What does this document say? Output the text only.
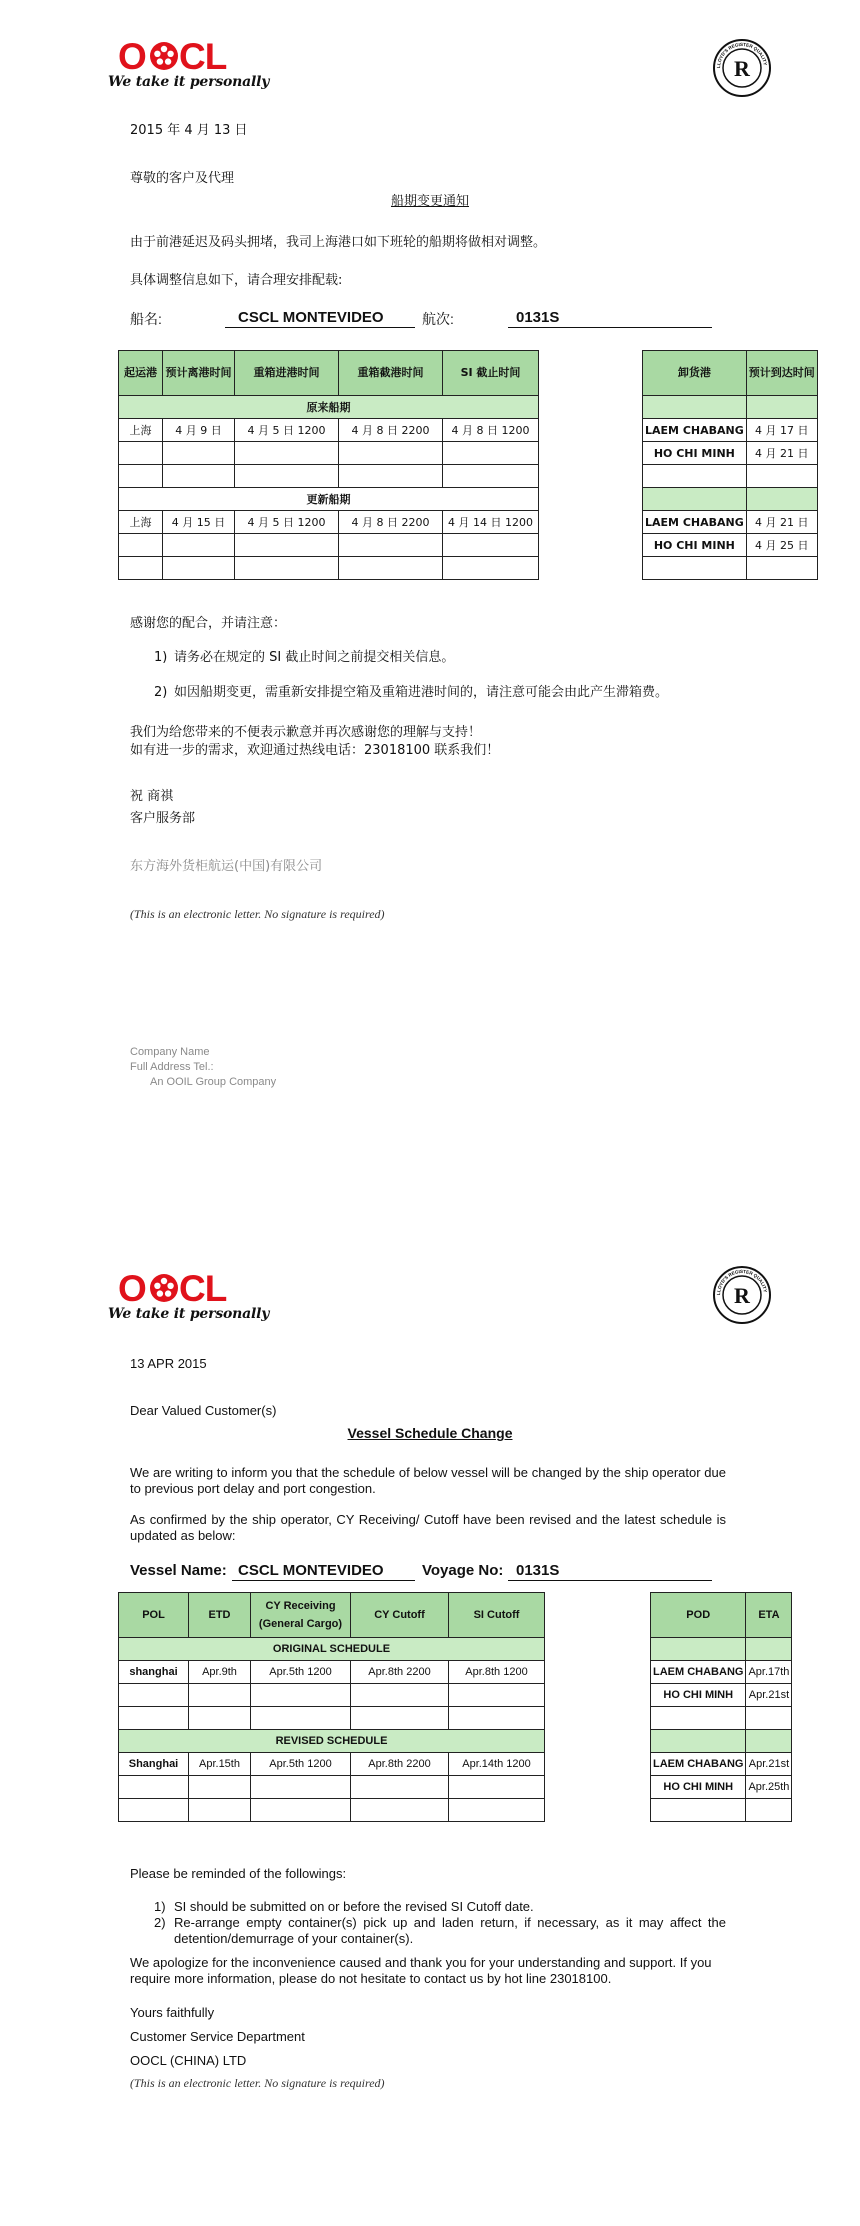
O CL
We take it personally
LLOYD'S REGISTER QUALITY
R
2015 年 4 月 13 日
尊敬的客户及代理
船期变更通知
由于前港延迟及码头拥堵，我司上海港口如下班轮的船期将做相对调整。
具体调整信息如下，请合理安排配载:
船名:	CSCL MONTEVIDEO	航次:	0131S
起运港	预计离港时间	重箱进港时间	重箱截港时间	SI 截止时间		卸货港	预计到达时间
原来船期							
上海	4 月 9 日	4 月 5 日 1200	4 月 8 日 2200	4 月 8 日 1200		LAEM CHABANG	4 月 17 日
						HO CHI MINH	4 月 21 日

更新船期							
上海	4 月 15 日	4 月 5 日 1200	4 月 8 日 2200	4 月 14 日 1200		LAEM CHABANG	4 月 21 日
						HO CHI MINH	4 月 25 日

感谢您的配合，并请注意：
1) 请务必在规定的 SI 截止时间之前提交相关信息。
2) 如因船期变更，需重新安排提空箱及重箱进港时间的，请注意可能会由此产生滞箱费。
我们为给您带来的不便表示歉意并再次感谢您的理解与支持！
如有进一步的需求，欢迎通过热线电话：23018100 联系我们！
祝 商祺
客户服务部
东方海外货柜航运(中国)有限公司
(This is an electronic letter. No signature is required)
Company Name
Full Address Tel.:
An OOIL Group Company
O CL
We take it personally
LLOYD'S REGISTER QUALITY
R
13 APR 2015
Dear Valued Customer(s)
Vessel Schedule Change
We are writing to inform you that the schedule of below vessel will be changed by the ship operator due to previous port delay and port congestion.
As confirmed by the ship operator, CY Receiving/ Cutoff have been revised and the latest schedule is updated as below:
Vessel Name: CSCL MONTEVIDEO	Voyage No: 0131S
POL	ETD	CY Receiving (General Cargo)	CY Cutoff	SI Cutoff		POD	ETA
ORIGINAL SCHEDULE							
shanghai	Apr.9th	Apr.5th 1200	Apr.8th 2200	Apr.8th 1200		LAEM CHABANG	Apr.17th
						HO CHI MINH	Apr.21st

REVISED SCHEDULE							
Shanghai	Apr.15th	Apr.5th 1200	Apr.8th 2200	Apr.14th 1200		LAEM CHABANG	Apr.21st
						HO CHI MINH	Apr.25th

Please be reminded of the followings:
1) SI should be submitted on or before the revised SI Cutoff date.
2) Re-arrange empty container(s) pick up and laden return, if necessary, as it may affect the detention/demurrage of your container(s).
We apologize for the inconvenience caused and thank you for your understanding and support. If you require more information, please do not hesitate to contact us by hot line 23018100.
Yours faithfully
Customer Service Department
OOCL (CHINA) LTD
(This is an electronic letter. No signature is required)
